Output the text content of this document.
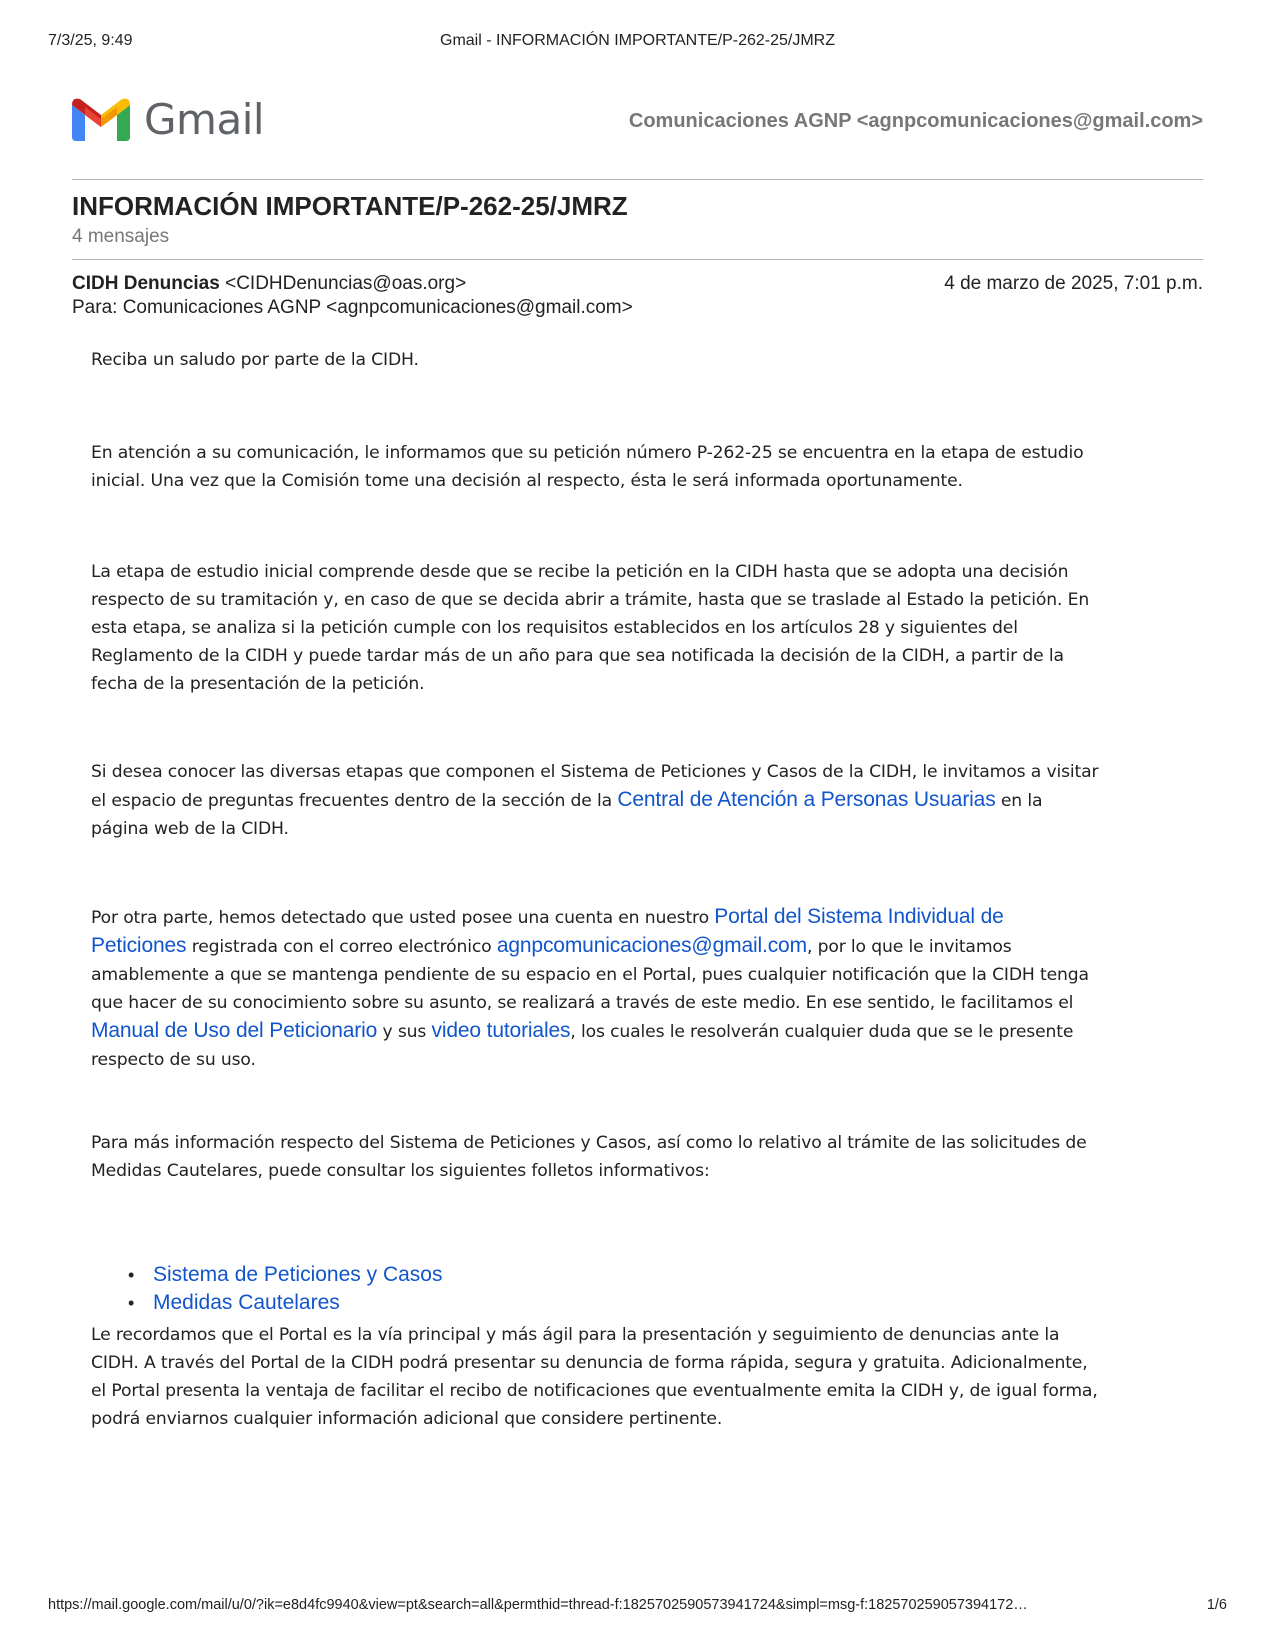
7/3/25, 9:49	Gmail - INFORMACIÓN IMPORTANTE/P-262-25/JMRZ
Gmail	Comunicaciones AGNP <agnpcomunicaciones@gmail.com>
INFORMACIÓN IMPORTANTE/P-262-25/JMRZ
4 mensajes
CIDH Denuncias <CIDHDenuncias@oas.org>	4 de marzo de 2025, 7:01 p.m.
Para: Comunicaciones AGNP <agnpcomunicaciones@gmail.com>
Reciba un saludo por parte de la CIDH.
En atención a su comunicación, le informamos que su petición número P-262-25 se encuentra en la etapa de estudio
inicial. Una vez que la Comisión tome una decisión al respecto, ésta le será informada oportunamente.
La etapa de estudio inicial comprende desde que se recibe la petición en la CIDH hasta que se adopta una decisión
respecto de su tramitación y, en caso de que se decida abrir a trámite, hasta que se traslade al Estado la petición. En
esta etapa, se analiza si la petición cumple con los requisitos establecidos en los artículos 28 y siguientes del
Reglamento de la CIDH y puede tardar más de un año para que sea notificada la decisión de la CIDH, a partir de la
fecha de la presentación de la petición.
Si desea conocer las diversas etapas que componen el Sistema de Peticiones y Casos de la CIDH, le invitamos a visitar
el espacio de preguntas frecuentes dentro de la sección de la Central de Atención a Personas Usuarias en la
página web de la CIDH.
Por otra parte, hemos detectado que usted posee una cuenta en nuestro Portal del Sistema Individual de
Peticiones registrada con el correo electrónico agnpcomunicaciones@gmail.com, por lo que le invitamos
amablemente a que se mantenga pendiente de su espacio en el Portal, pues cualquier notificación que la CIDH tenga
que hacer de su conocimiento sobre su asunto, se realizará a través de este medio. En ese sentido, le facilitamos el
Manual de Uso del Peticionario y sus video tutoriales, los cuales le resolverán cualquier duda que se le presente
respecto de su uso.
Para más información respecto del Sistema de Peticiones y Casos, así como lo relativo al trámite de las solicitudes de
Medidas Cautelares, puede consultar los siguientes folletos informativos:
• Sistema de Peticiones y Casos
• Medidas Cautelares
Le recordamos que el Portal es la vía principal y más ágil para la presentación y seguimiento de denuncias ante la
CIDH. A través del Portal de la CIDH podrá presentar su denuncia de forma rápida, segura y gratuita. Adicionalmente,
el Portal presenta la ventaja de facilitar el recibo de notificaciones que eventualmente emita la CIDH y, de igual forma,
podrá enviarnos cualquier información adicional que considere pertinente.
https://mail.google.com/mail/u/0/?ik=e8d4fc9940&view=pt&search=all&permthid=thread-f:1825702590573941724&simpl=msg-f:182570259057394172…	1/6
